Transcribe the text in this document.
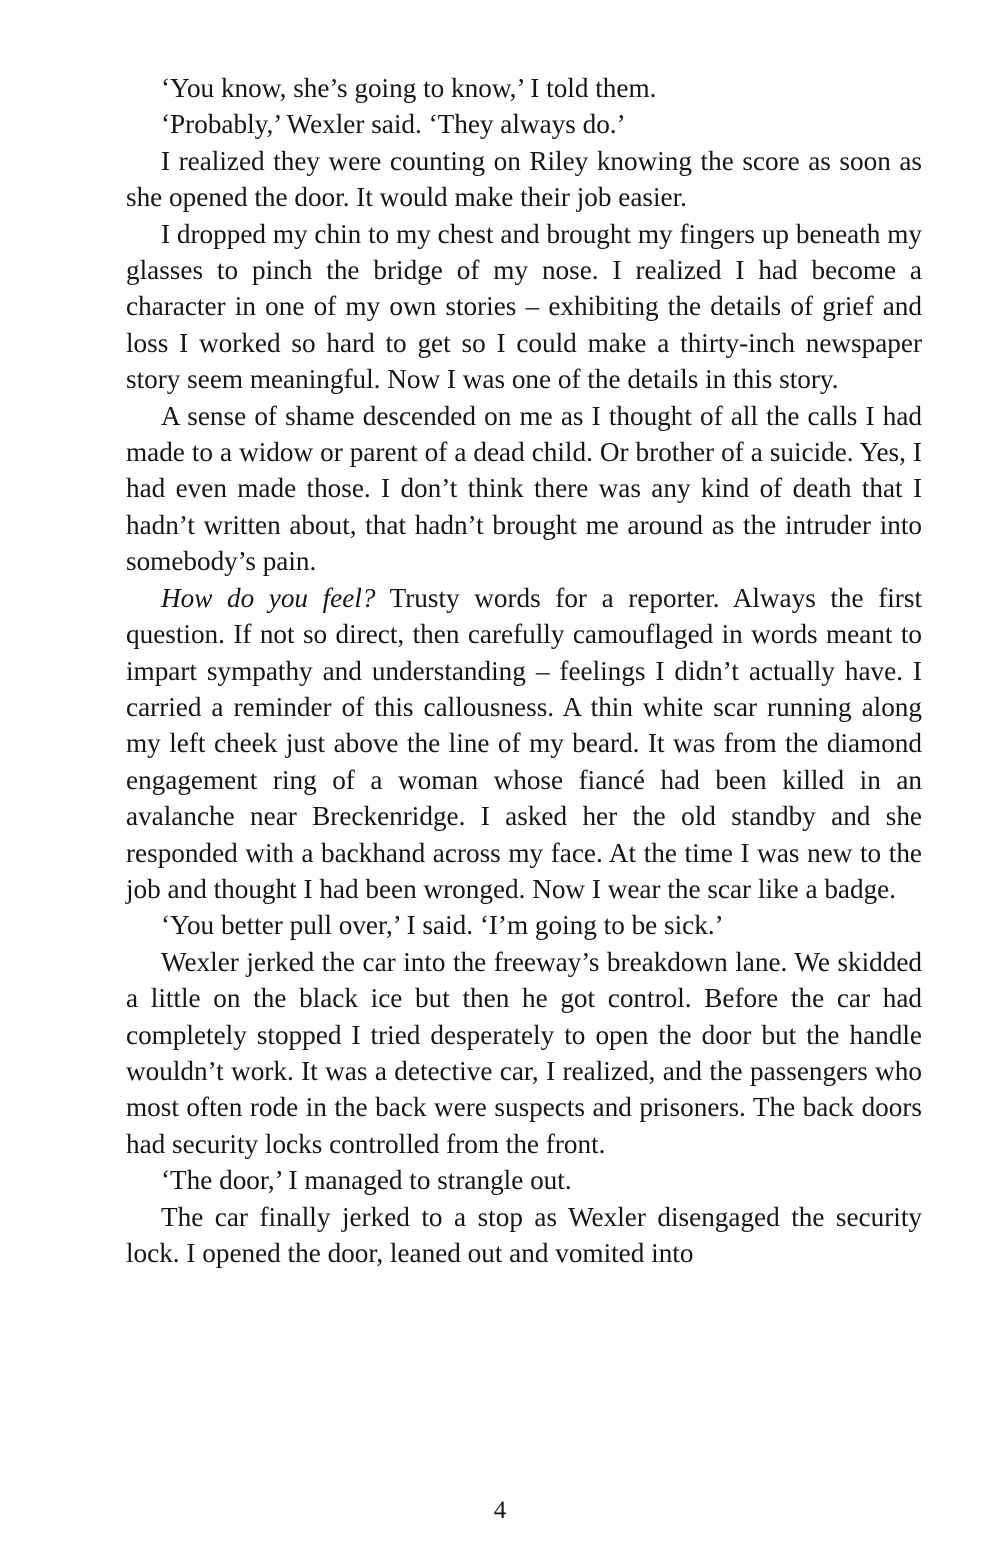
‘You know, she’s going to know,’ I told them.

‘Probably,’ Wexler said. ‘They always do.’

I realized they were counting on Riley knowing the score as soon as she opened the door. It would make their job easier.

I dropped my chin to my chest and brought my fingers up beneath my glasses to pinch the bridge of my nose. I realized I had become a character in one of my own stories – exhibiting the details of grief and loss I worked so hard to get so I could make a thirty-inch newspaper story seem meaningful. Now I was one of the details in this story.

A sense of shame descended on me as I thought of all the calls I had made to a widow or parent of a dead child. Or brother of a suicide. Yes, I had even made those. I don’t think there was any kind of death that I hadn’t written about, that hadn’t brought me around as the intruder into somebody’s pain.

How do you feel? Trusty words for a reporter. Always the first question. If not so direct, then carefully camouflaged in words meant to impart sympathy and understanding – feelings I didn’t actually have. I carried a reminder of this callousness. A thin white scar running along my left cheek just above the line of my beard. It was from the diamond engagement ring of a woman whose fiancé had been killed in an avalanche near Breckenridge. I asked her the old standby and she responded with a backhand across my face. At the time I was new to the job and thought I had been wronged. Now I wear the scar like a badge.

‘You better pull over,’ I said. ‘I’m going to be sick.’

Wexler jerked the car into the freeway’s breakdown lane. We skidded a little on the black ice but then he got control. Before the car had completely stopped I tried desperately to open the door but the handle wouldn’t work. It was a detective car, I realized, and the passengers who most often rode in the back were suspects and prisoners. The back doors had security locks controlled from the front.

‘The door,’ I managed to strangle out.

The car finally jerked to a stop as Wexler disengaged the security lock. I opened the door, leaned out and vomited into

4
